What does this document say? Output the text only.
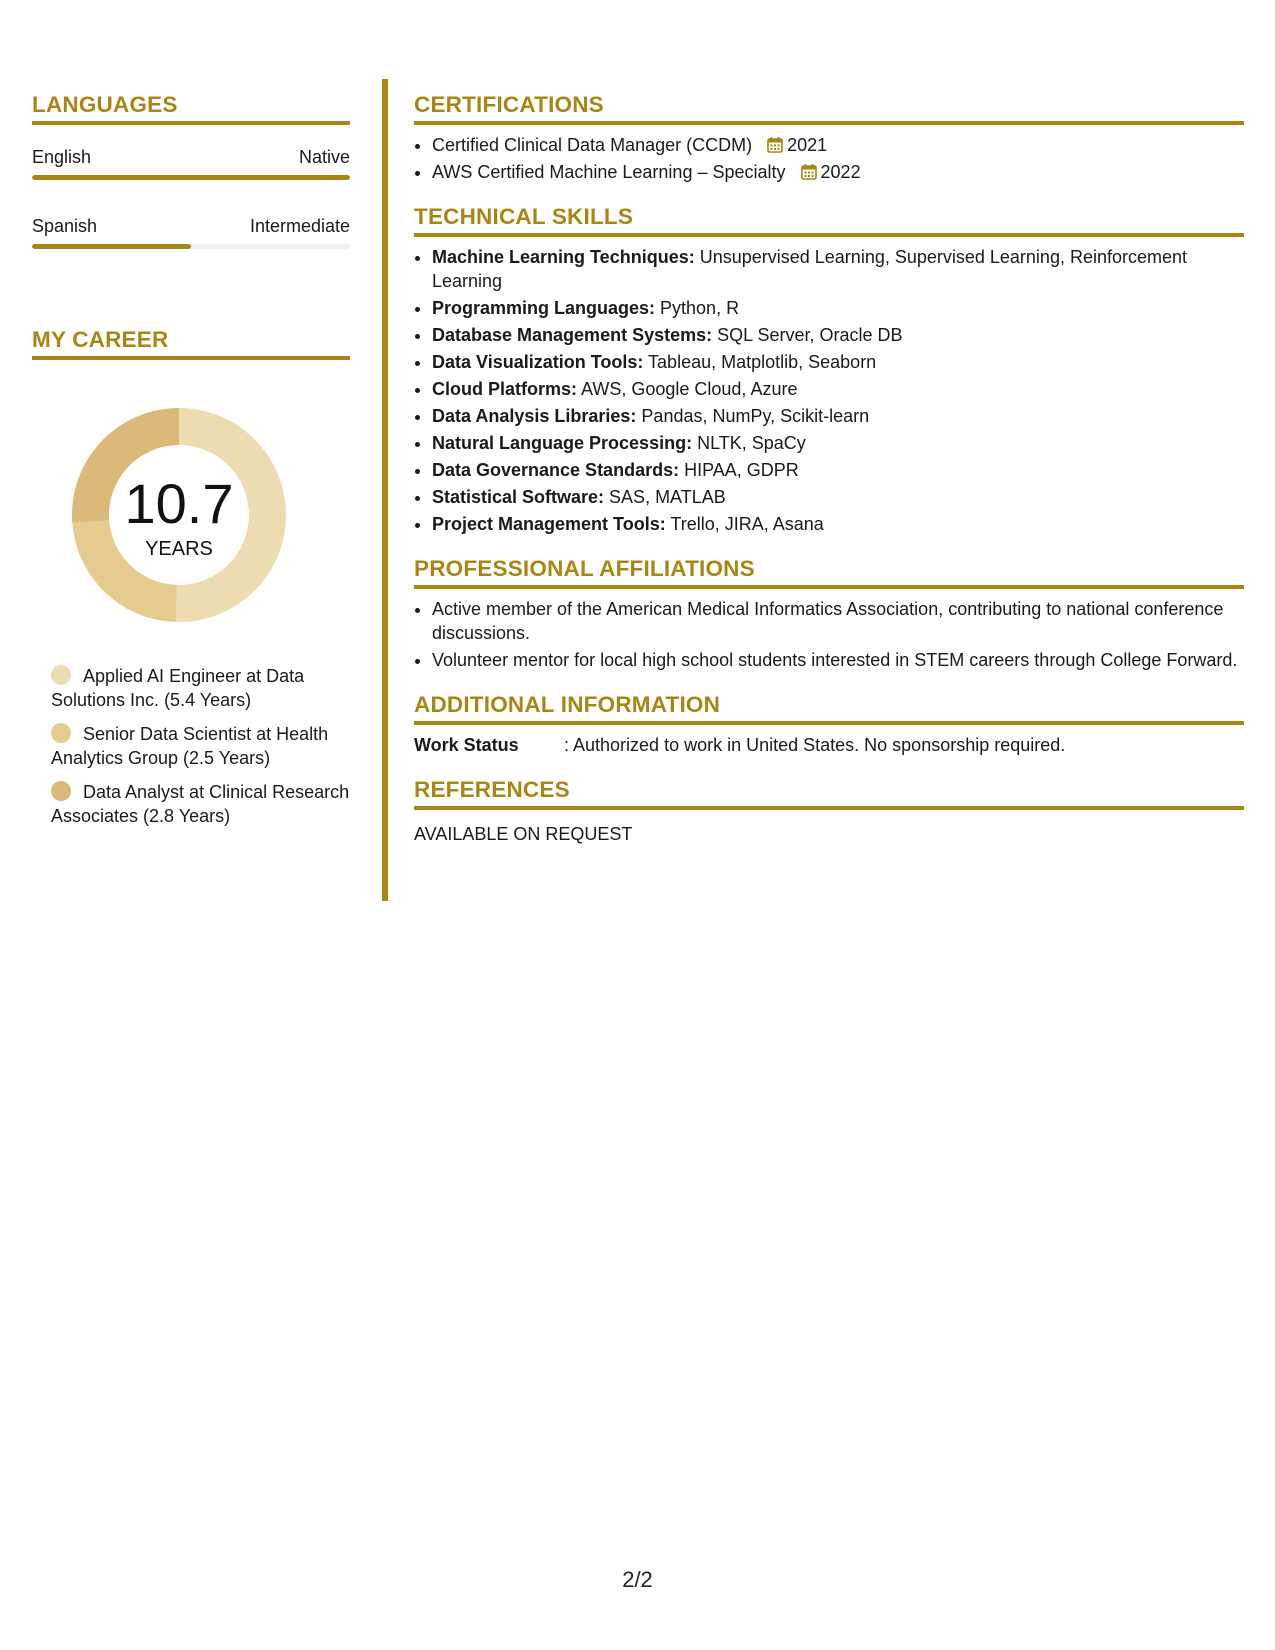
LANGUAGES
English	Native
Spanish	Intermediate
MY CAREER
10.7
YEARS
Applied AI Engineer at Data Solutions Inc. (5.4 Years)
Senior Data Scientist at Health Analytics Group (2.5 Years)
Data Analyst at Clinical Research Associates (2.8 Years)
CERTIFICATIONS
• Certified Clinical Data Manager (CCDM) 2021
• AWS Certified Machine Learning – Specialty 2022
TECHNICAL SKILLS
• Machine Learning Techniques: Unsupervised Learning, Supervised Learning, Reinforcement Learning
• Programming Languages: Python, R
• Database Management Systems: SQL Server, Oracle DB
• Data Visualization Tools: Tableau, Matplotlib, Seaborn
• Cloud Platforms: AWS, Google Cloud, Azure
• Data Analysis Libraries: Pandas, NumPy, Scikit-learn
• Natural Language Processing: NLTK, SpaCy
• Data Governance Standards: HIPAA, GDPR
• Statistical Software: SAS, MATLAB
• Project Management Tools: Trello, JIRA, Asana
PROFESSIONAL AFFILIATIONS
• Active member of the American Medical Informatics Association, contributing to national conference discussions.
• Volunteer mentor for local high school students interested in STEM careers through College Forward.
ADDITIONAL INFORMATION
Work Status	: Authorized to work in United States. No sponsorship required.
REFERENCES
AVAILABLE ON REQUEST
2/2
